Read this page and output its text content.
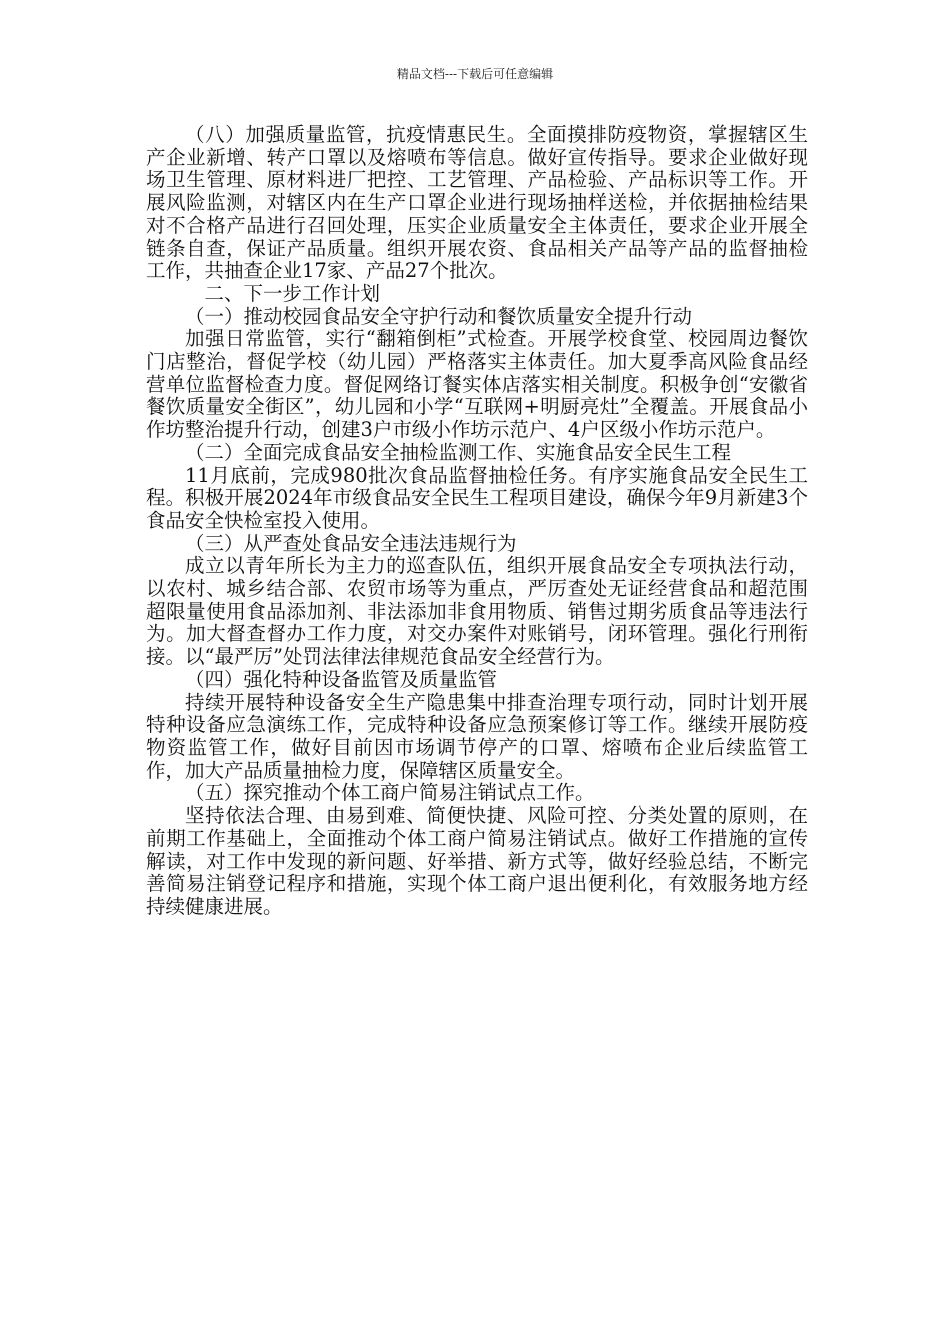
精品文档---下载后可任意编辑

（八）加强质量监管，抗疫情惠民生。全面摸排防疫物资，掌握辖区生产企业新增、转产口罩以及熔喷布等信息。做好宣传指导。要求企业做好现场卫生管理、原材料进厂把控、工艺管理、产品检验、产品标识等工作。开展风险监测，对辖区内在生产口罩企业进行现场抽样送检，并依据抽检结果对不合格产品进行召回处理，压实企业质量安全主体责任，要求企业开展全链条自查，保证产品质量。组织开展农资、食品相关产品等产品的监督抽检工作，共抽查企业17家、产品27个批次。

二、下一步工作计划

（一）推动校园食品安全守护行动和餐饮质量安全提升行动

加强日常监管，实行“翻箱倒柜”式检查。开展学校食堂、校园周边餐饮门店整治，督促学校（幼儿园）严格落实主体责任。加大夏季高风险食品经营单位监督检查力度。督促网络订餐实体店落实相关制度。积极争创“安徽省餐饮质量安全街区”，幼儿园和小学“互联网+明厨亮灶”全覆盖。开展食品小作坊整治提升行动，创建3户市级小作坊示范户、4户区级小作坊示范户。

（二）全面完成食品安全抽检监测工作、实施食品安全民生工程

11月底前，完成980批次食品监督抽检任务。有序实施食品安全民生工程。积极开展2024年市级食品安全民生工程项目建设，确保今年9月新建3个食品安全快检室投入使用。

（三）从严查处食品安全违法违规行为

成立以青年所长为主力的巡查队伍，组织开展食品安全专项执法行动，以农村、城乡结合部、农贸市场等为重点，严厉查处无证经营食品和超范围超限量使用食品添加剂、非法添加非食用物质、销售过期劣质食品等违法行为。加大督查督办工作力度，对交办案件对账销号，闭环管理。强化行刑衔接。以“最严厉”处罚法律法律规范食品安全经营行为。

（四）强化特种设备监管及质量监管

持续开展特种设备安全生产隐患集中排查治理专项行动，同时计划开展特种设备应急演练工作，完成特种设备应急预案修订等工作。继续开展防疫物资监管工作，做好目前因市场调节停产的口罩、熔喷布企业后续监管工作，加大产品质量抽检力度，保障辖区质量安全。

（五）探究推动个体工商户简易注销试点工作。

坚持依法合理、由易到难、简便快捷、风险可控、分类处置的原则，在前期工作基础上，全面推动个体工商户简易注销试点。做好工作措施的宣传解读，对工作中发现的新问题、好举措、新方式等，做好经验总结，不断完善简易注销登记程序和措施，实现个体工商户退出便利化，有效服务地方经持续健康进展。
